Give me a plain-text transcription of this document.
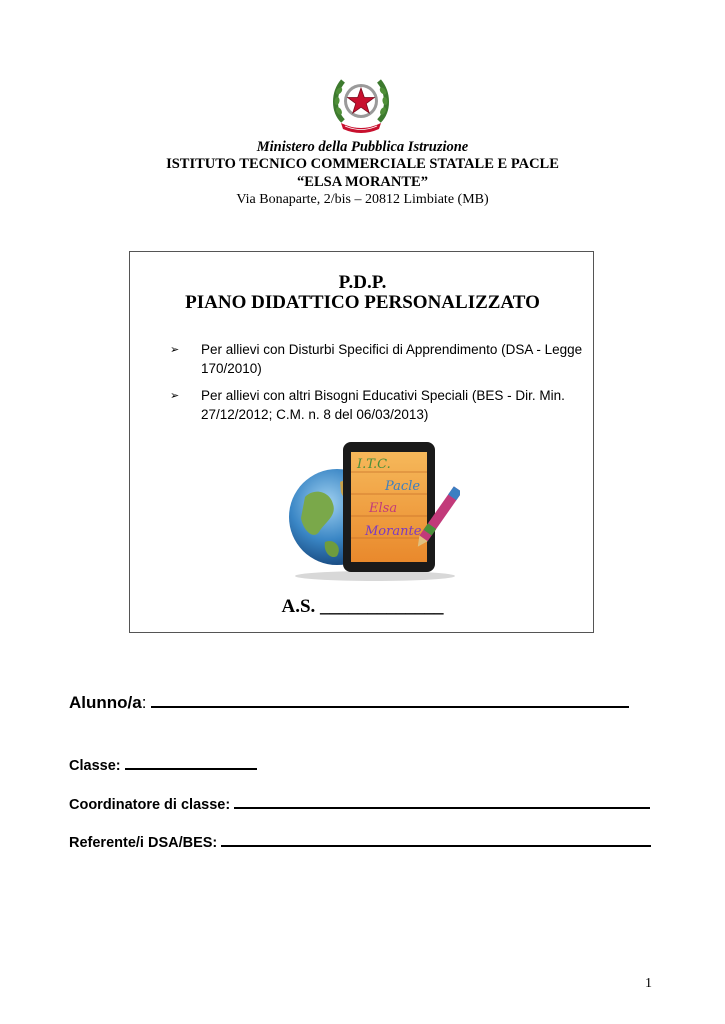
Ministero della Pubblica Istruzione
ISTITUTO TECNICO COMMERCIALE STATALE E PACLE
“ELSA MORANTE”
Via Bonaparte, 2/bis – 20812 Limbiate (MB)
P.D.P.
PIANO DIDATTICO PERSONALIZZATO
➢ Per allievi con Disturbi Specifici di Apprendimento (DSA - Legge 170/2010)
➢ Per allievi con altri Bisogni Educativi Speciali (BES - Dir. Min. 27/12/2012; C.M. n. 8 del 06/03/2013)
I.T.C.
Pacle
Elsa
Morante
A.S. _____________
Alunno/a:
Classe:
Coordinatore di classe:
Referente/i DSA/BES:
1
